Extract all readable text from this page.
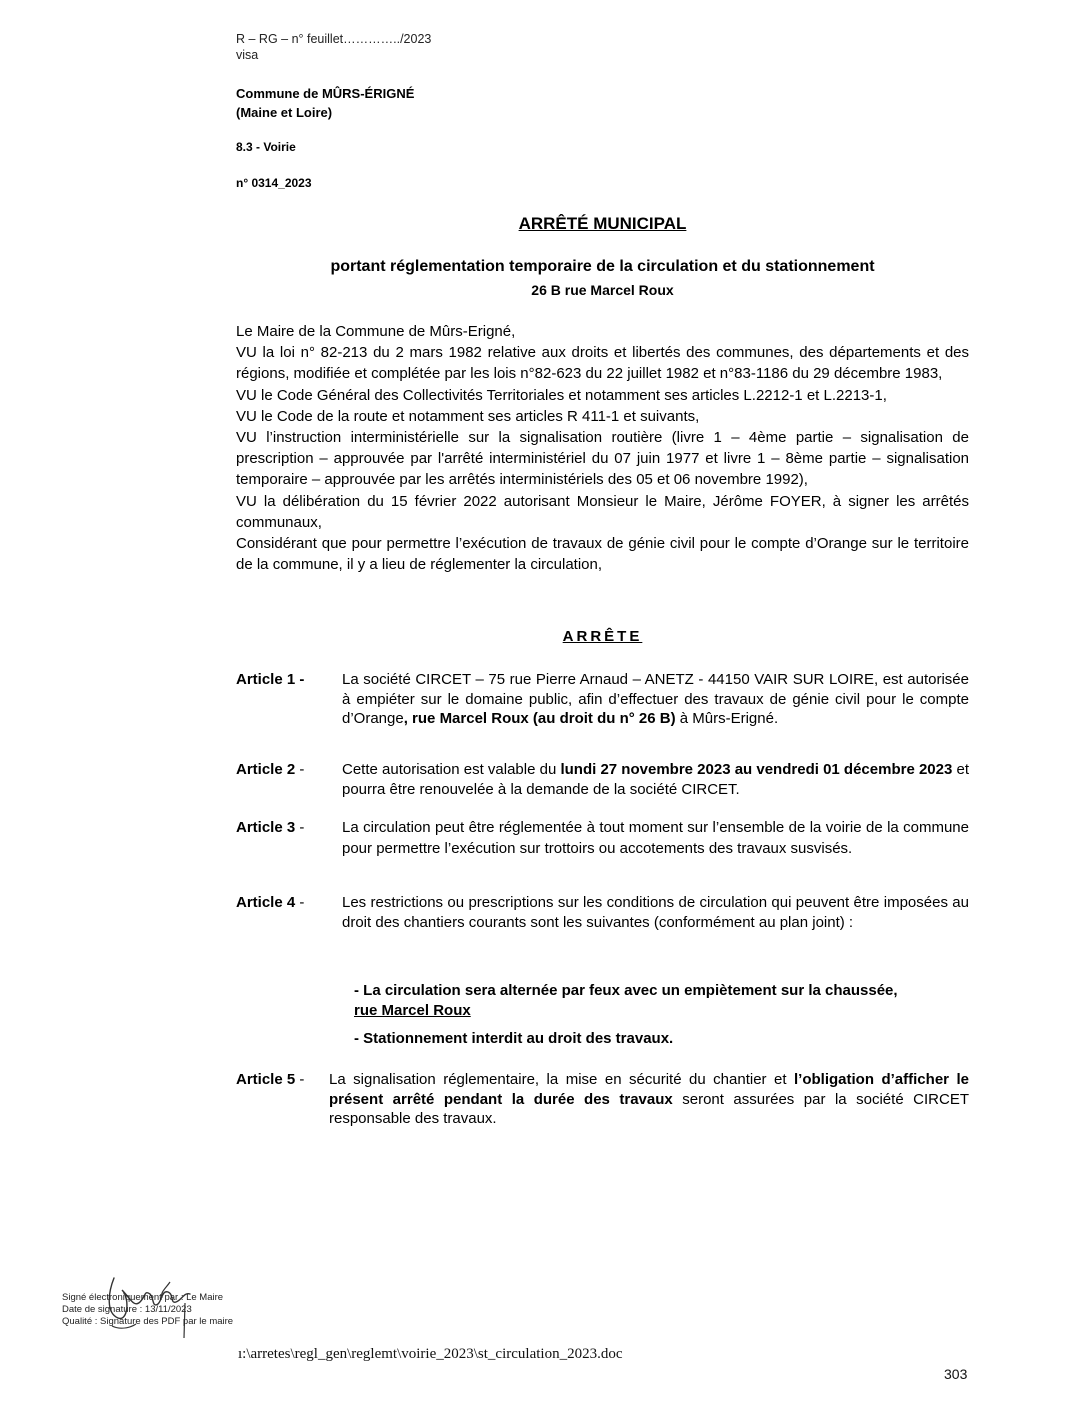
R – RG – n° feuillet…………../2023
visa
Commune de MÛRS-ÉRIGNÉ
(Maine et Loire)
8.3 - Voirie
n° 0314_2023
ARRÊTÉ MUNICIPAL
portant réglementation temporaire de la circulation et du stationnement
26 B rue Marcel Roux

Le Maire de la Commune de Mûrs-Erigné,

VU la loi n° 82-213 du 2 mars 1982 relative aux droits et libertés des communes, des départements et des régions, modifiée et complétée par les lois n°82-623 du 22 juillet 1982 et n°83-1186 du 29 décembre 1983,

VU le Code Général des Collectivités Territoriales et notamment ses articles L.2212-1 et L.2213-1,

VU le Code de la route et notamment ses articles R 411-1 et suivants,

VU l’instruction interministérielle sur la signalisation routière (livre 1 – 4ème partie – signalisation de prescription – approuvée par l'arrêté interministériel du 07 juin 1977 et livre 1 – 8ème partie – signalisation temporaire – approuvée par les arrêtés interministériels des 05 et 06 novembre 1992),

VU la délibération du 15 février 2022 autorisant Monsieur le Maire, Jérôme FOYER, à signer les arrêtés communaux,

Considérant que pour permettre l’exécution de travaux de génie civil pour le compte d’Orange sur le territoire de la commune, il y a lieu de réglementer la circulation,

ARRÊTE
Article 1 -	La société CIRCET – 75 rue Pierre Arnaud – ANETZ - 44150 VAIR SUR LOIRE, est autorisée à empiéter sur le domaine public, afin d’effectuer des travaux de génie civil pour le compte d’Orange, rue Marcel Roux (au droit du n° 26 B) à Mûrs-Erigné.
Article 2 -	Cette autorisation est valable du lundi 27 novembre 2023 au vendredi 01 décembre 2023 et pourra être renouvelée à la demande de la société CIRCET.
Article 3 -	La circulation peut être réglementée à tout moment sur l’ensemble de la voirie de la commune pour permettre l’exécution sur trottoirs ou accotements des travaux susvisés.
Article 4 -	Les restrictions ou prescriptions sur les conditions de circulation qui peuvent être imposées au droit des chantiers courants sont les suivantes (conformément au plan joint) :
- La circulation sera alternée par feux avec un empiètement sur la chaussée,
rue Marcel Roux
- Stationnement interdit au droit des travaux.
Article 5 - La signalisation réglementaire, la mise en sécurité du chantier et l’obligation d’afficher le présent arrêté pendant la durée des travaux seront assurées par la société CIRCET responsable des travaux.
Signé électroniquement par : Le Maire
Date de signature : 13/11/2023
Qualité : Signature des PDF par le maire
ı:\arretes\regl_gen\reglemt\voirie_2023\st_circulation_2023.doc
303
